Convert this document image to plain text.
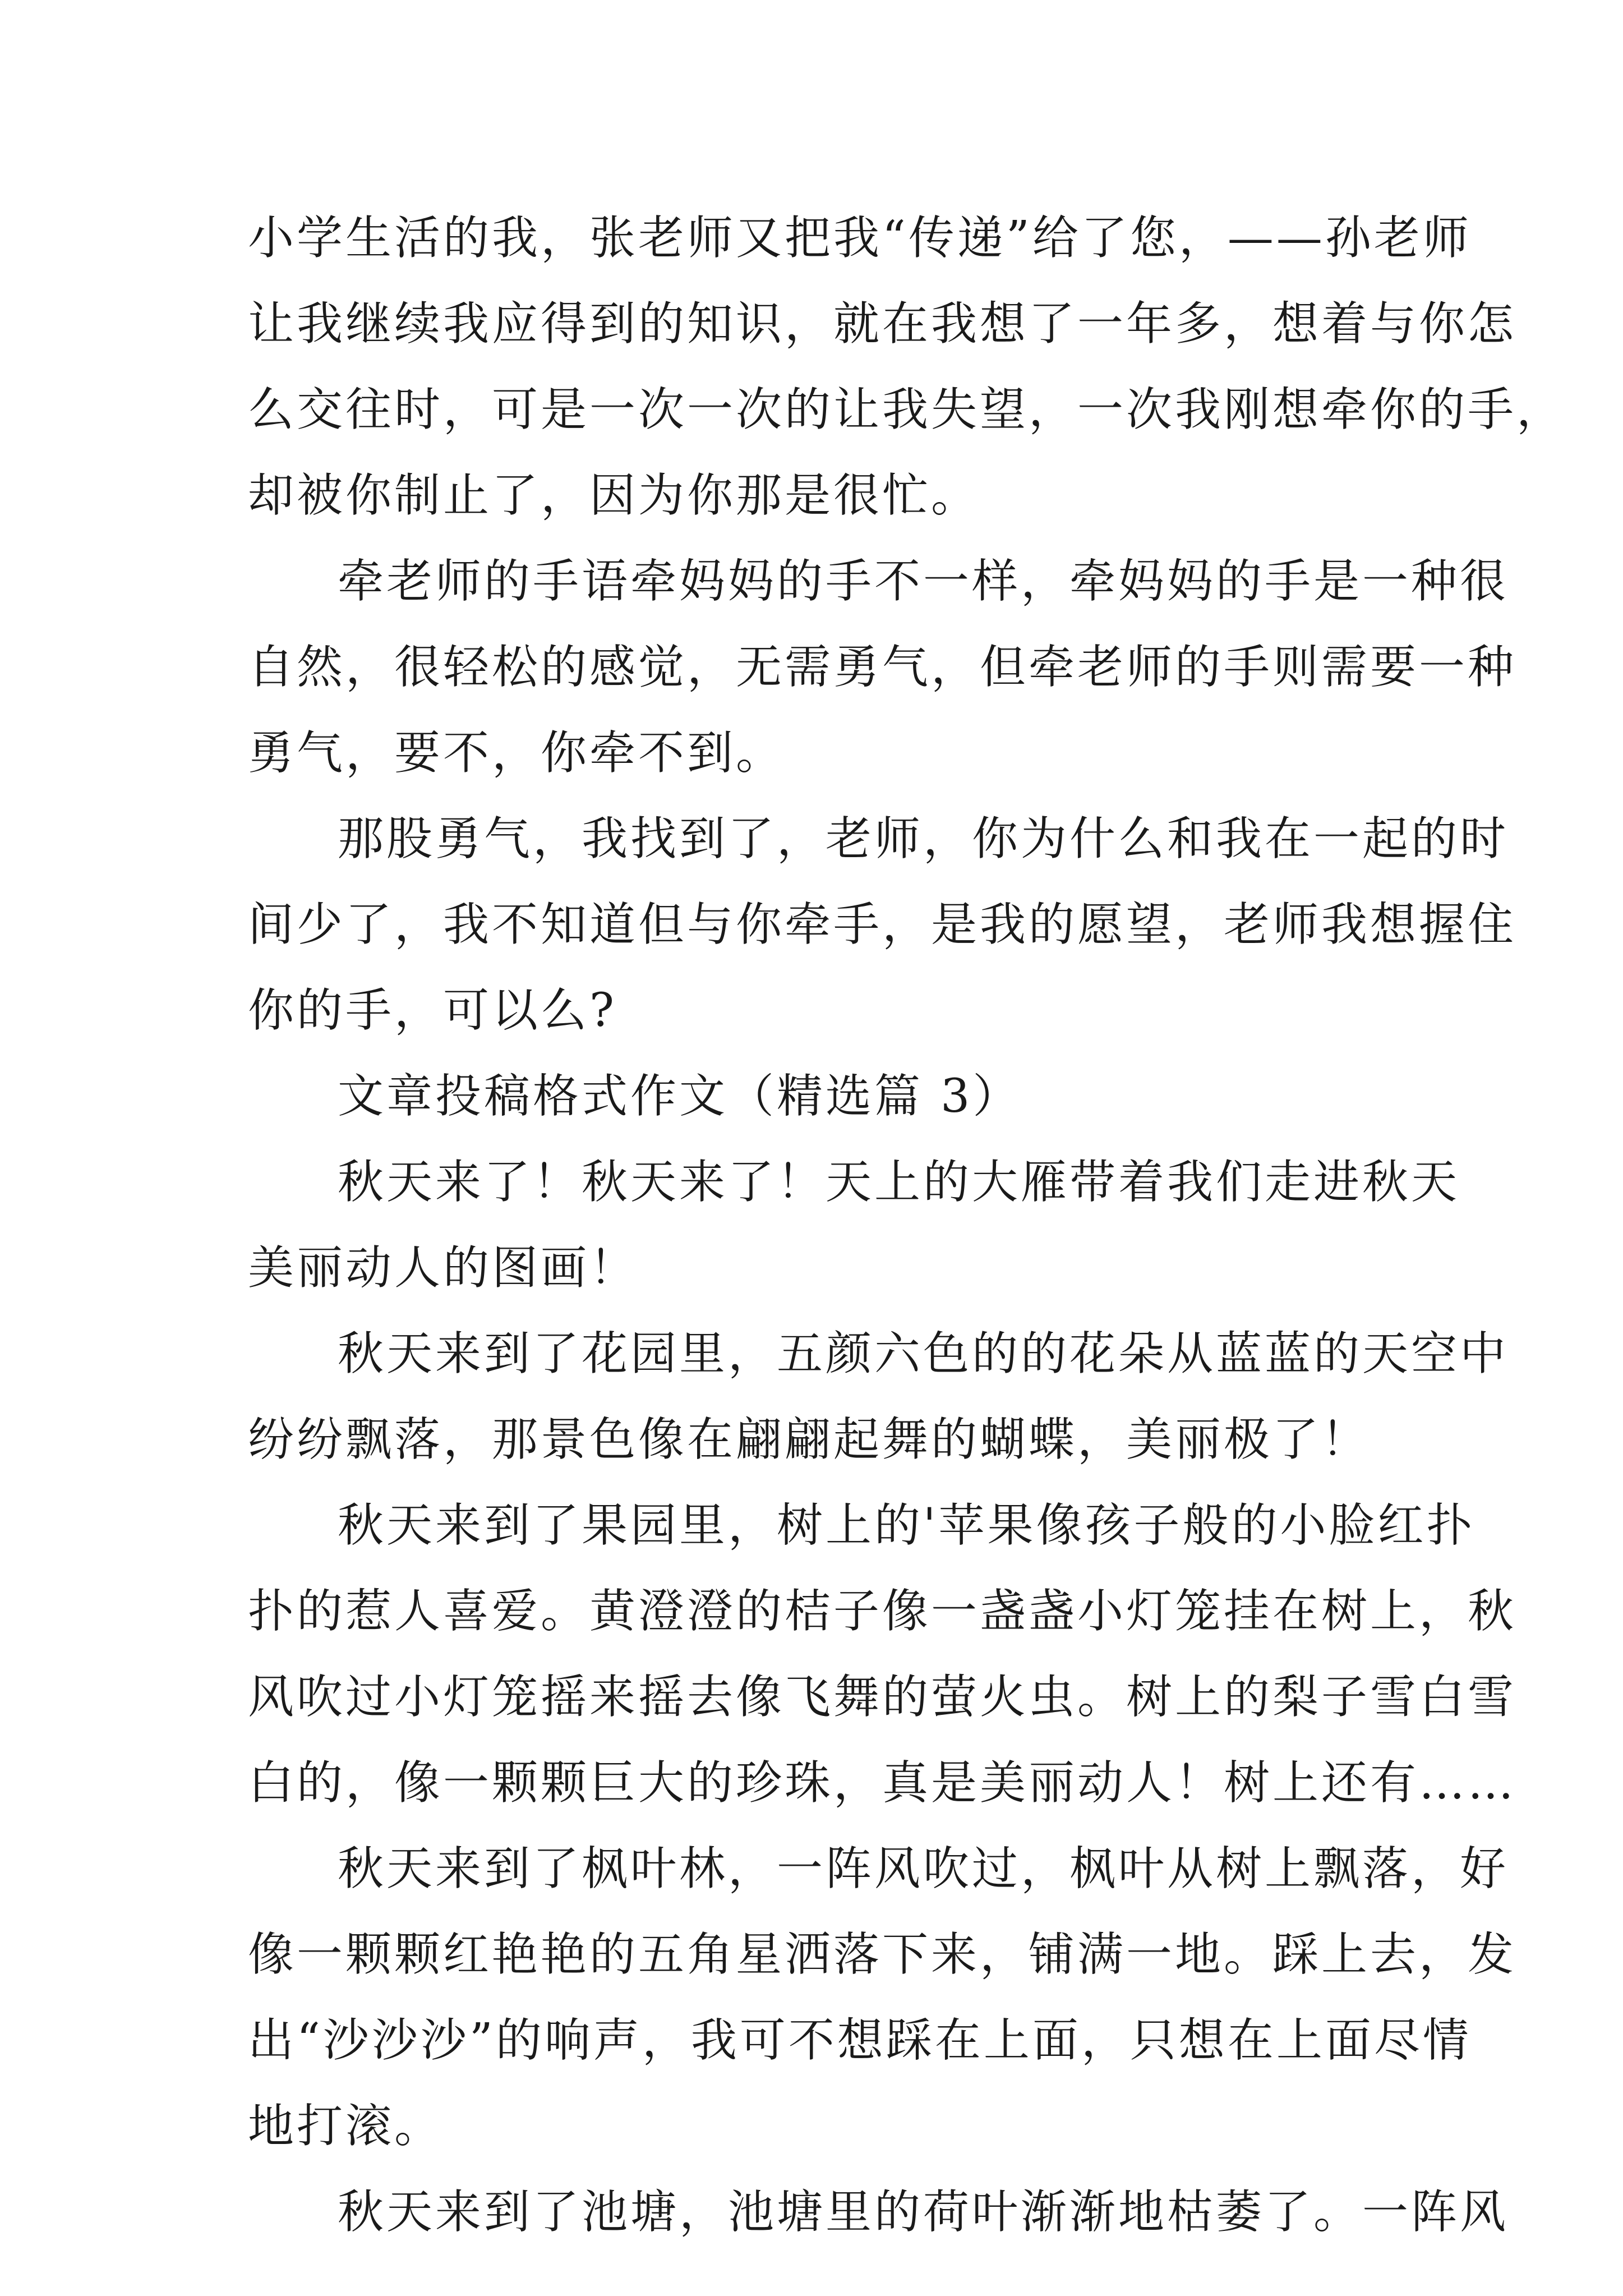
小学生活的我，张老师又把我“传递”给了您，——孙老师
让我继续我应得到的知识，就在我想了一年多，想着与你怎
么交往时，可是一次一次的让我失望，一次我刚想牵你的手，
却被你制止了，因为你那是很忙。
牵老师的手语牵妈妈的手不一样，牵妈妈的手是一种很
自然，很轻松的感觉，无需勇气，但牵老师的手则需要一种
勇气，要不，你牵不到。
那股勇气，我找到了，老师，你为什么和我在一起的时
间少了，我不知道但与你牵手，是我的愿望，老师我想握住
你的手，可以么?
文章投稿格式作文（精选篇 3）
秋天来了！秋天来了！天上的大雁带着我们走进秋天
美丽动人的图画！
秋天来到了花园里，五颜六色的的花朵从蓝蓝的天空中
纷纷飘落，那景色像在翩翩起舞的蝴蝶，美丽极了！
秋天来到了果园里，树上的'苹果像孩子般的小脸红扑
扑的惹人喜爱。黄澄澄的桔子像一盏盏小灯笼挂在树上，秋
风吹过小灯笼摇来摇去像飞舞的萤火虫。树上的梨子雪白雪
白的，像一颗颗巨大的珍珠，真是美丽动人！树上还有……
秋天来到了枫叶林，一阵风吹过，枫叶从树上飘落，好
像一颗颗红艳艳的五角星洒落下来，铺满一地。踩上去，发
出“沙沙沙”的响声，我可不想踩在上面，只想在上面尽情
地打滚。
秋天来到了池塘，池塘里的荷叶渐渐地枯萎了。一阵风
